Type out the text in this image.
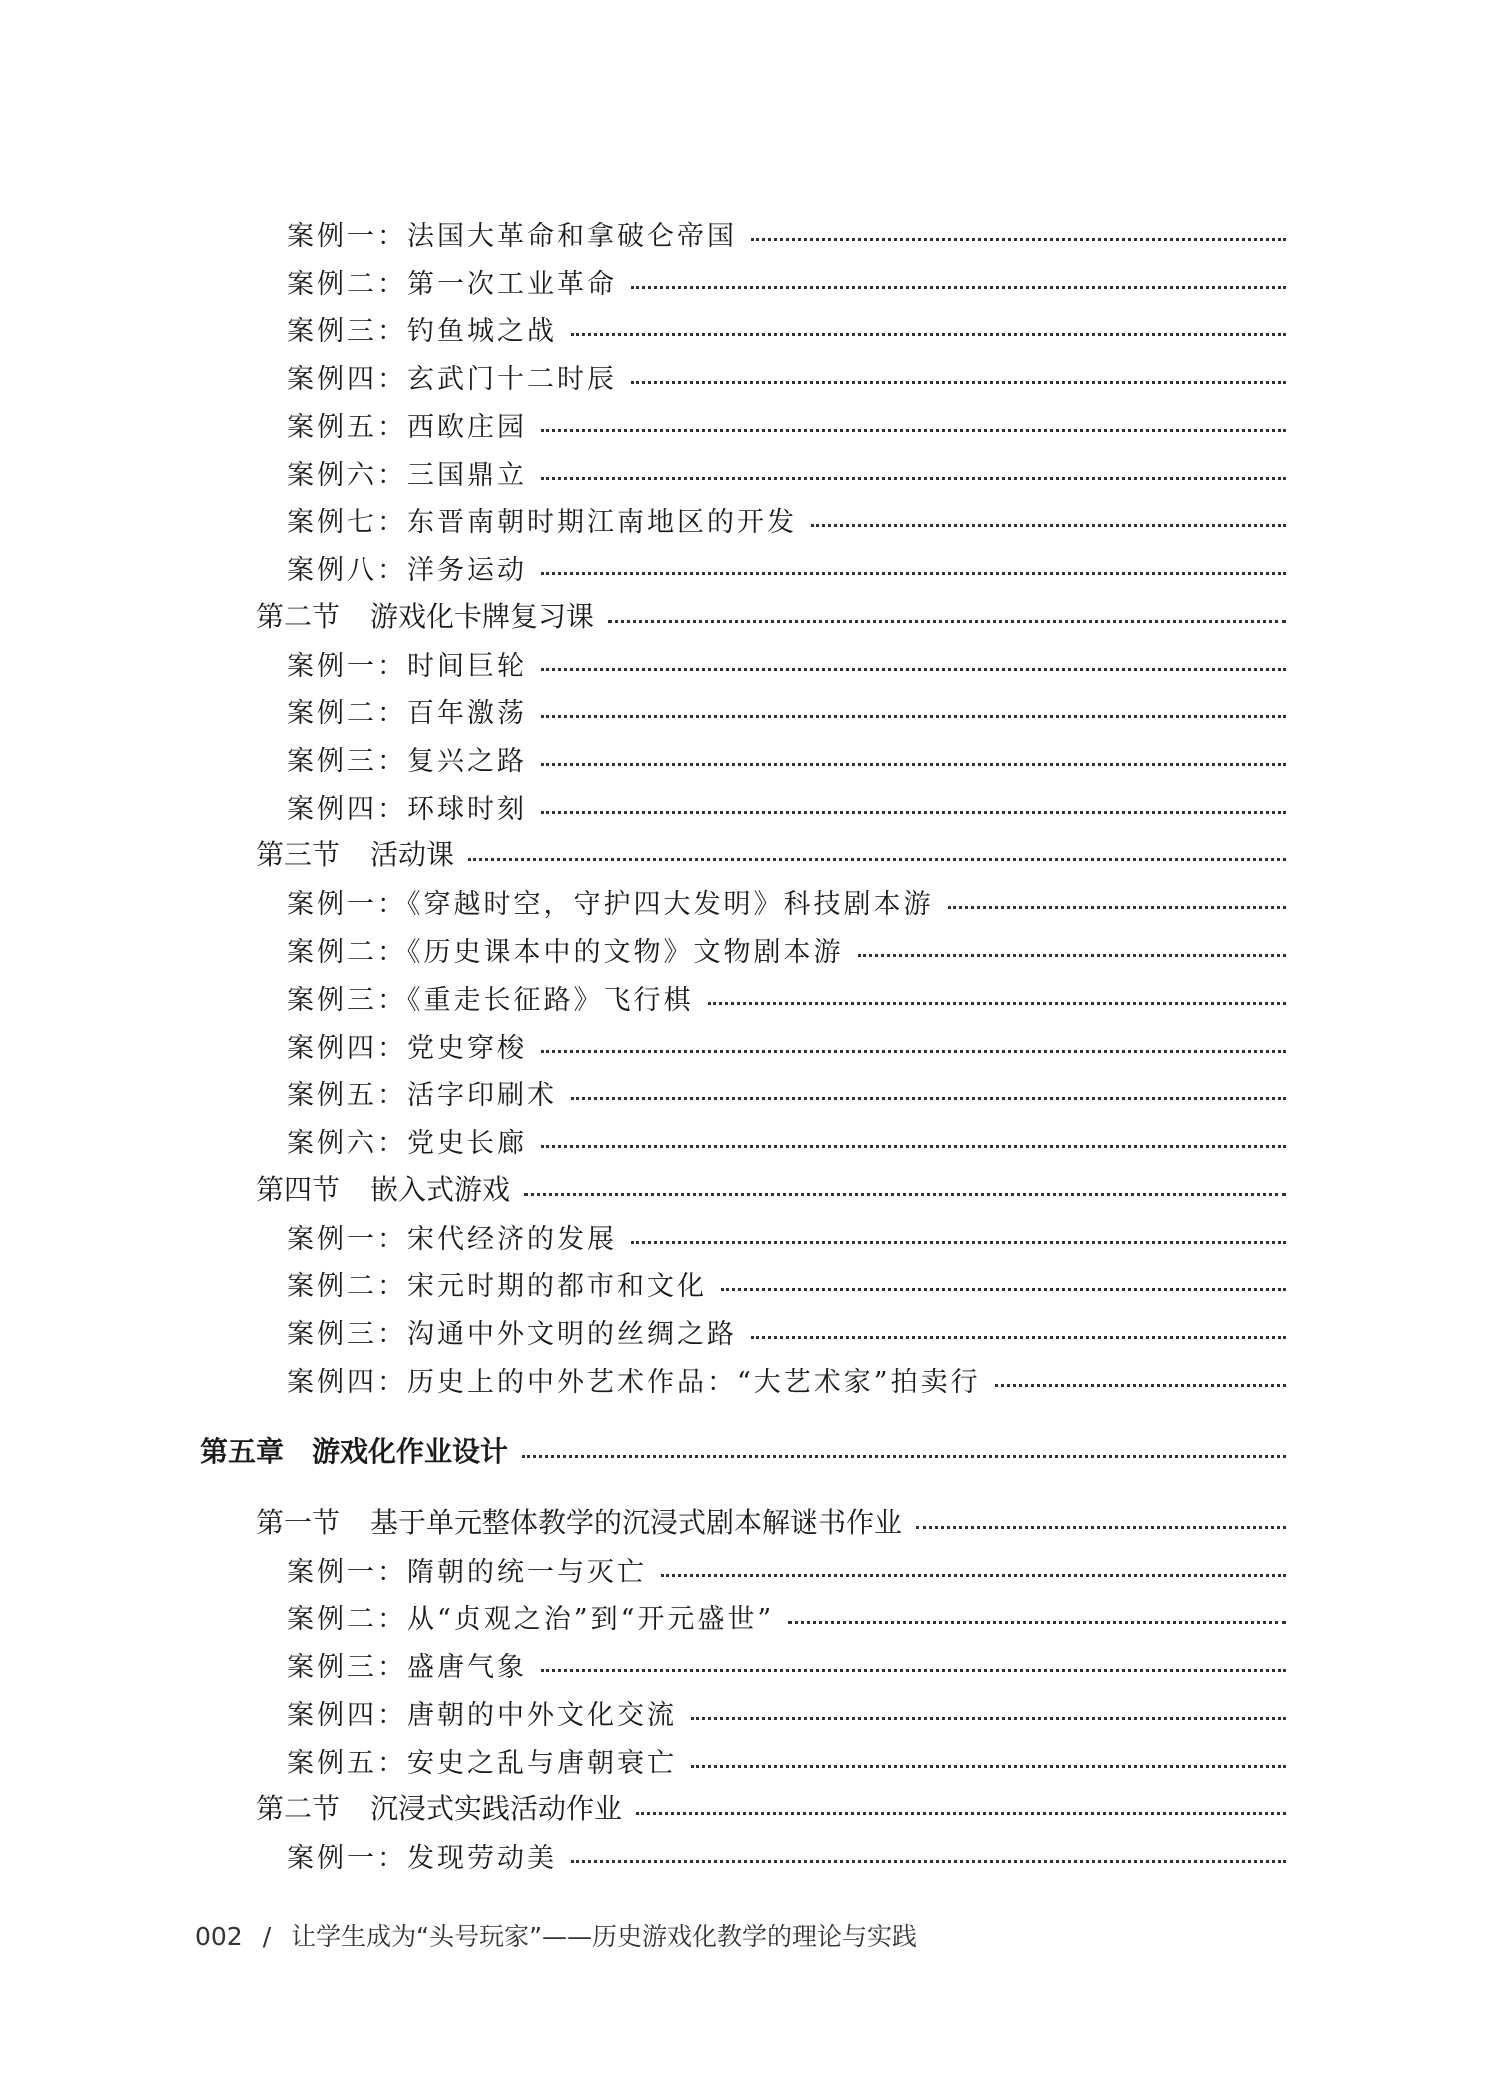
案例一：法国大革命和拿破仑帝国
案例二：第一次工业革命
案例三：钓鱼城之战
案例四：玄武门十二时辰
案例五：西欧庄园
案例六：三国鼎立
案例七：东晋南朝时期江南地区的开发
案例八：洋务运动
第二节 游戏化卡牌复习课
案例一：时间巨轮
案例二：百年激荡
案例三：复兴之路
案例四：环球时刻
第三节 活动课
案例一：《穿越时空，守护四大发明》科技剧本游
案例二：《历史课本中的文物》文物剧本游
案例三：《重走长征路》飞行棋
案例四：党史穿梭
案例五：活字印刷术
案例六：党史长廊
第四节 嵌入式游戏
案例一：宋代经济的发展
案例二：宋元时期的都市和文化
案例三：沟通中外文明的丝绸之路
案例四：历史上的中外艺术作品：“大艺术家”拍卖行
第五章 游戏化作业设计
第一节 基于单元整体教学的沉浸式剧本解谜书作业
案例一：隋朝的统一与灭亡
案例二：从“贞观之治”到“开元盛世”
案例三：盛唐气象
案例四：唐朝的中外文化交流
案例五：安史之乱与唐朝衰亡
第二节 沉浸式实践活动作业
案例一：发现劳动美
002 / 让学生成为“头号玩家”——历史游戏化教学的理论与实践
